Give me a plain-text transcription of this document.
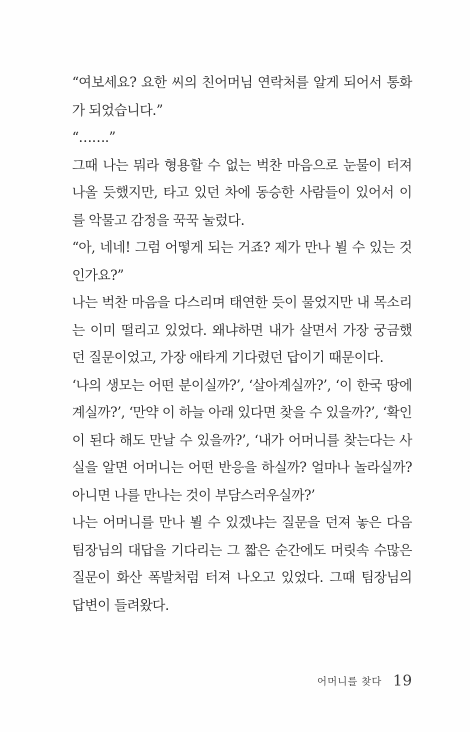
“여보세요? 요한 씨의 친어머님 연락처를 알게 되어서 통화가 되었습니다.”

“…….”

그때 나는 뭐라 형용할 수 없는 벅찬 마음으로 눈물이 터져 나올 듯했지만, 타고 있던 차에 동승한 사람들이 있어서 이를 악물고 감정을 꾹꾹 눌렀다.

“아, 네네! 그럼 어떻게 되는 거죠? 제가 만나 뵐 수 있는 것인가요?”

나는 벅찬 마음을 다스리며 태연한 듯이 물었지만 내 목소리는 이미 떨리고 있었다. 왜냐하면 내가 살면서 가장 궁금했던 질문이었고, 가장 애타게 기다렸던 답이기 때문이다.

‘나의 생모는 어떤 분이실까?’, ‘살아계실까?’, ‘이 한국 땅에 계실까?’, ‘만약 이 하늘 아래 있다면 찾을 수 있을까?’, ‘확인이 된다 해도 만날 수 있을까?’, ‘내가 어머니를 찾는다는 사실을 알면 어머니는 어떤 반응을 하실까? 얼마나 놀라실까? 아니면 나를 만나는 것이 부담스러우실까?’

나는 어머니를 만나 뵐 수 있겠냐는 질문을 던져 놓은 다음 팀장님의 대답을 기다리는 그 짧은 순간에도 머릿속 수많은 질문이 화산 폭발처럼 터져 나오고 있었다. 그때 팀장님의 답변이 들려왔다.

어머니를 찾다 19
